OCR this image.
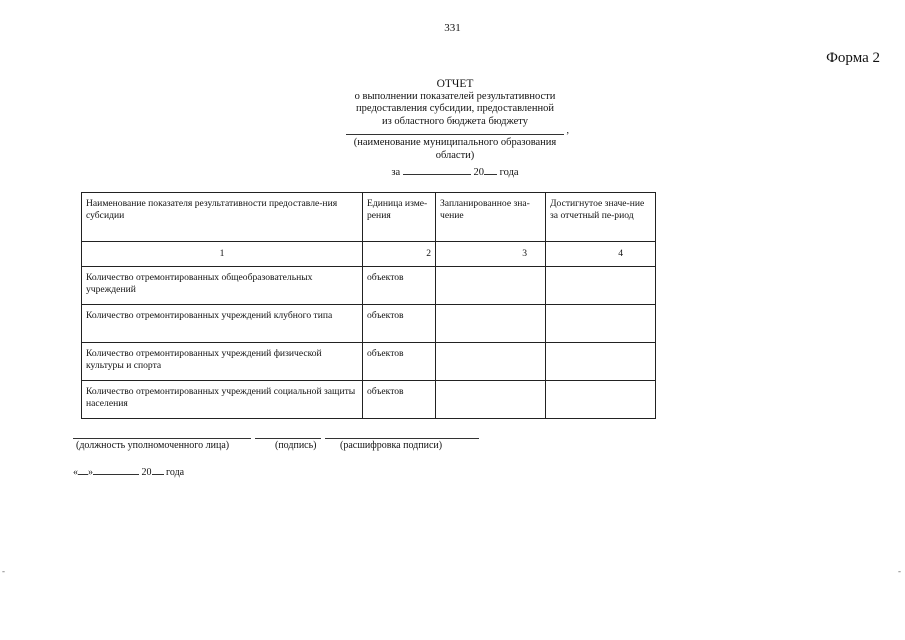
331
Форма 2
ОТЧЕТ
о выполнении показателей результативности
предоставления субсидии, предоставленной
из областного бюджета бюджету
,
(наименование муниципального образования
области)
за	20 года
Наименование показателя результативности предоставле-ния субсидии	Единица изме-рения	Запланированное зна-чение	Достигнутое значе-ние за отчетный пе-риод
1	2	3	4
Количество отремонтированных общеобразовательных учреждений	объектов		
Количество отремонтированных учреждений клубного типа	объектов		
Количество отремонтированных учреждений физической культуры и спорта	объектов		
Количество отремонтированных учреждений социальной защиты населения	объектов		
(должность уполномоченного лица)	(подпись) (расшифровка подписи)
« »	20 года
-	-
